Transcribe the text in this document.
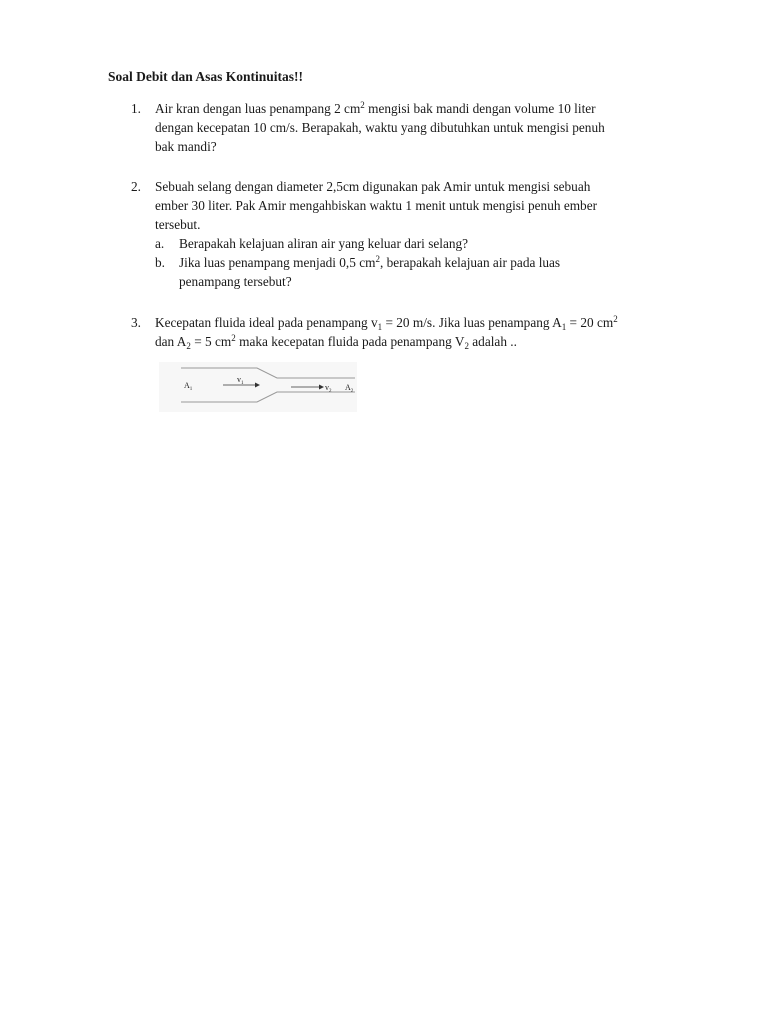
Soal Debit dan Asas Kontinuitas!!
1. Air kran dengan luas penampang 2 $cm^2$ mengisi bak mandi dengan volume 10 liter
dengan kecepatan 10 cm/s. Berapakah, waktu yang dibutuhkan untuk mengisi penuh
bak mandi?
2. Sebuah selang dengan diameter 2,5cm digunakan pak Amir untuk mengisi sebuah
ember 30 liter. Pak Amir mengahbiskan waktu 1 menit untuk mengisi penuh ember
tersebut.
a. Berapakah kelajuan aliran air yang keluar dari selang?
b. Jika luas penampang menjadi 0,5 $cm^2$, berapakah kelajuan air pada luas
penampang tersebut?
3. Kecepatan fluida ideal pada penampang $v_1 = 20$ m/s. Jika luas penampang $A_1 = 20$ $cm^2$
dan $A_2 = 5$ $cm^2$ maka kecepatan fluida pada penampang $V_2$ adalah ..
$A_1$
$v_1$	$v_2$ $A_2$
